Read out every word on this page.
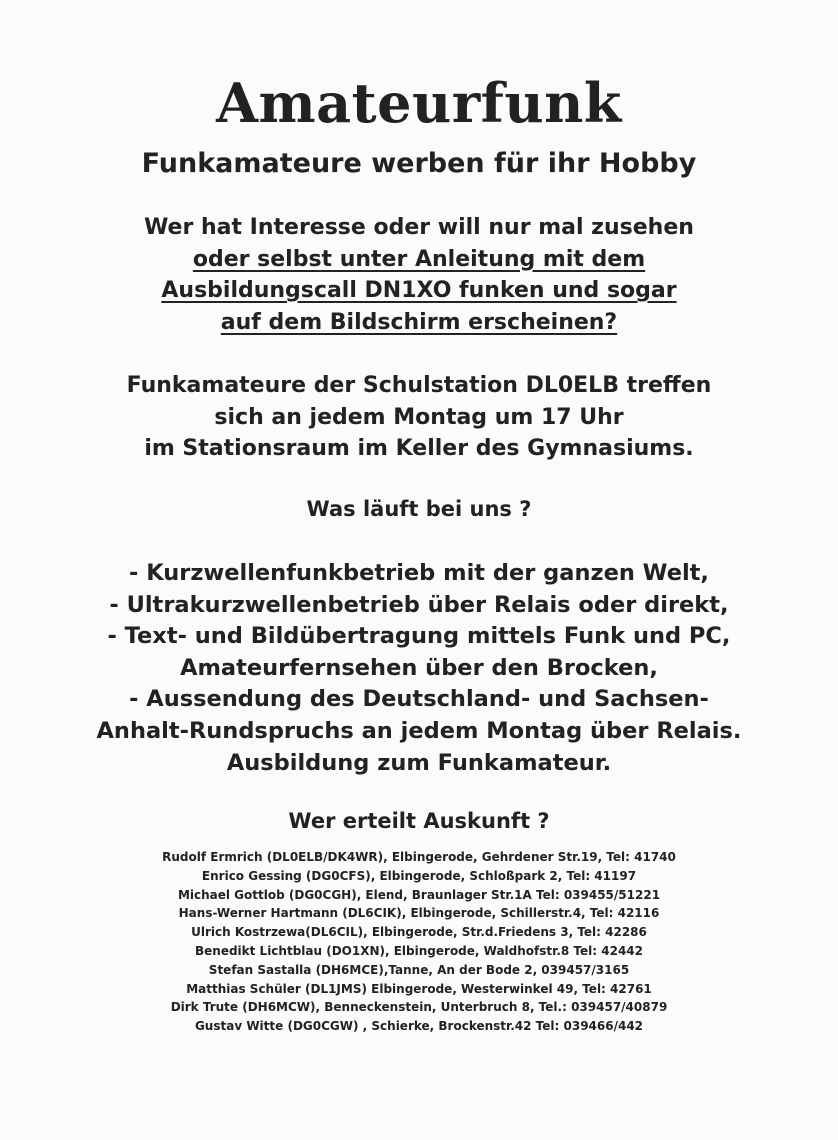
Amateurfunk
Funkamateure werben für ihr Hobby
Wer hat Interesse oder will nur mal zusehen
oder selbst unter Anleitung mit dem
Ausbildungscall DN1XO funken und sogar
auf dem Bildschirm erscheinen?
Funkamateure der Schulstation DL0ELB treffen
sich an jedem Montag um 17 Uhr
im Stationsraum im Keller des Gymnasiums.
Was läuft bei uns ?
- Kurzwellenfunkbetrieb mit der ganzen Welt,
- Ultrakurzwellenbetrieb über Relais oder direkt,
- Text- und Bildübertragung mittels Funk und PC,
Amateurfernsehen über den Brocken,
- Aussendung des Deutschland- und Sachsen-
Anhalt-Rundspruchs an jedem Montag über Relais.
Ausbildung zum Funkamateur.
Wer erteilt Auskunft ?
Rudolf Ermrich (DL0ELB/DK4WR), Elbingerode, Gehrdener Str.19, Tel: 41740
Enrico Gessing (DG0CFS), Elbingerode, Schloßpark 2, Tel: 41197
Michael Gottlob (DG0CGH), Elend, Braunlager Str.1A Tel: 039455/51221
Hans-Werner Hartmann (DL6CIK), Elbingerode, Schillerstr.4, Tel: 42116
Ulrich Kostrzewa(DL6CIL), Elbingerode, Str.d.Friedens 3, Tel: 42286
Benedikt Lichtblau (DO1XN), Elbingerode, Waldhofstr.8 Tel: 42442
Stefan Sastalla (DH6MCE),Tanne, An der Bode 2, 039457/3165
Matthias Schüler (DL1JMS) Elbingerode, Westerwinkel 49, Tel: 42761
Dirk Trute (DH6MCW), Benneckenstein, Unterbruch 8, Tel.: 039457/40879
Gustav Witte (DG0CGW) , Schierke, Brockenstr.42 Tel: 039466/442
